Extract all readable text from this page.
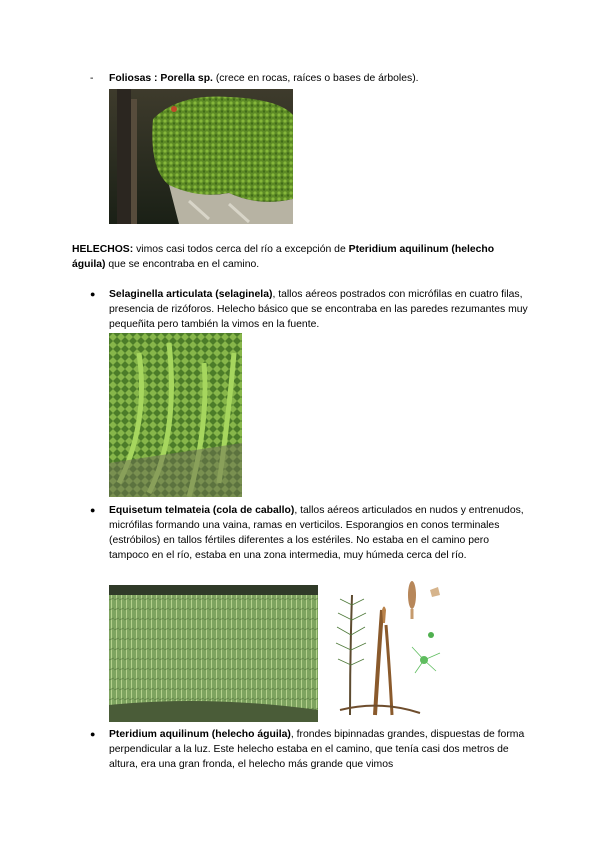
- Foliosas : Porella sp. (crece en rocas, raíces o bases de árboles).

HELECHOS: vimos casi todos cerca del río a excepción de Pteridium aquilinum (helecho águila) que se encontraba en el camino.

● Selaginella articulata (selaginela), tallos aéreos postrados con micrófilas en cuatro filas, presencia de rizóforos. Helecho básico que se encontraba en las paredes rezumantes muy pequeñita pero también la vimos en la fuente.

● Equisetum telmateia (cola de caballo), tallos aéreos articulados en nudos y entrenudos, micrófilas formando una vaina, ramas en verticilos. Esporangios en conos terminales (estróbilos) en tallos fértiles diferentes a los estériles. No estaba en el camino pero tampoco en el río, estaba en una zona intermedia, muy húmeda cerca del río.

● Pteridium aquilinum (helecho águila), frondes bipinnadas grandes, dispuestas de forma perpendicular a la luz. Este helecho estaba en el camino, que tenía casi dos metros de altura, era una gran fronda, el helecho más grande que vimos
